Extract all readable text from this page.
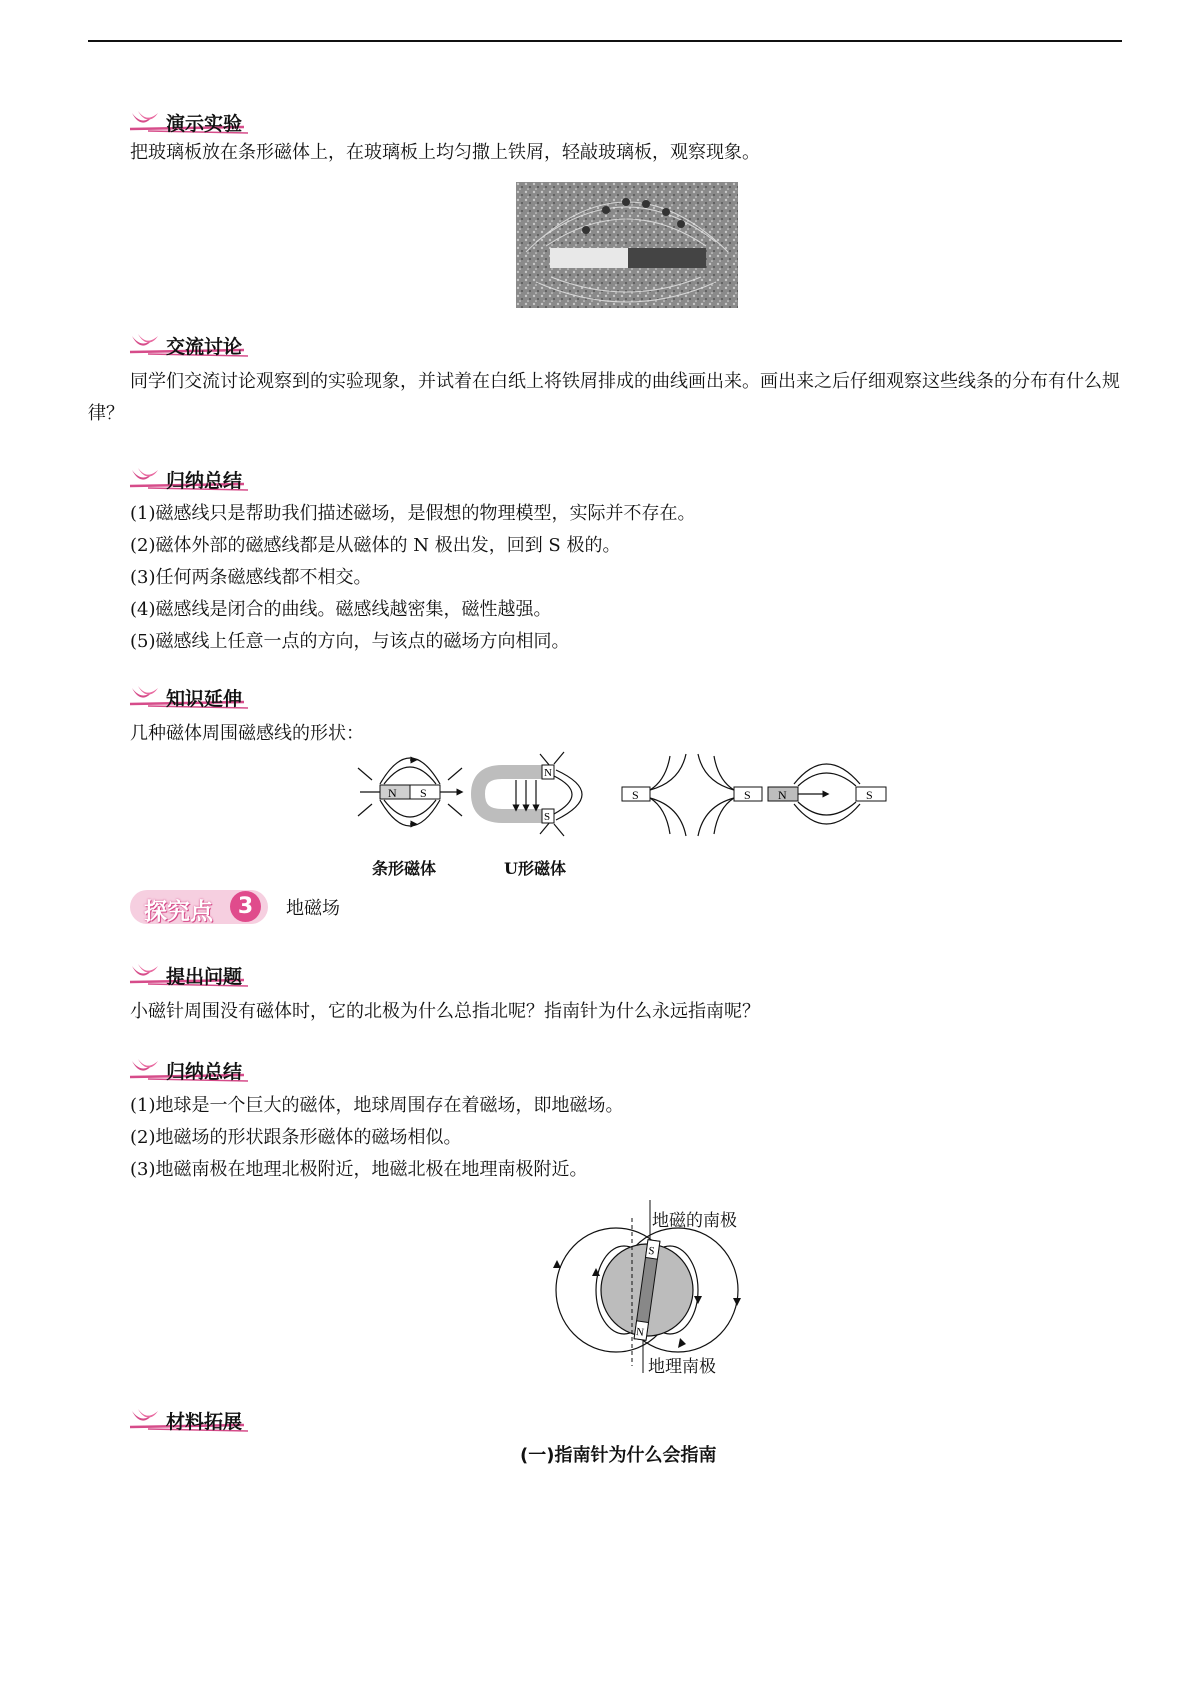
演示实验
把玻璃板放在条形磁体上，在玻璃板上均匀撒上铁屑，轻敲玻璃板，观察现象。
交流讨论
同学们交流讨论观察到的实验现象，并试着在白纸上将铁屑排成的曲线画出来。画出来之后仔细观察这些线条的分布有什么规律？
归纳总结
(1)磁感线只是帮助我们描述磁场，是假想的物理模型，实际并不存在。
(2)磁体外部的磁感线都是从磁体的 N 极出发，回到 S 极的。
(3)任何两条磁感线都不相交。
(4)磁感线是闭合的曲线。磁感线越密集，磁性越强。
(5)磁感线上任意一点的方向，与该点的磁场方向相同。
知识延伸
几种磁体周围磁感线的形状：
N S
N
S
S	S N	S
条形磁体	U形磁体
探究点	3	地磁场
提出问题
小磁针周围没有磁体时，它的北极为什么总指北呢？指南针为什么永远指南呢？
归纳总结
(1)地球是一个巨大的磁体，地球周围存在着磁场，即地磁场。
(2)地磁场的形状跟条形磁体的磁场相似。
(3)地磁南极在地理北极附近，地磁北极在地理南极附近。
S
N
地磁的南极
地理南极
材料拓展
(一)指南针为什么会指南
